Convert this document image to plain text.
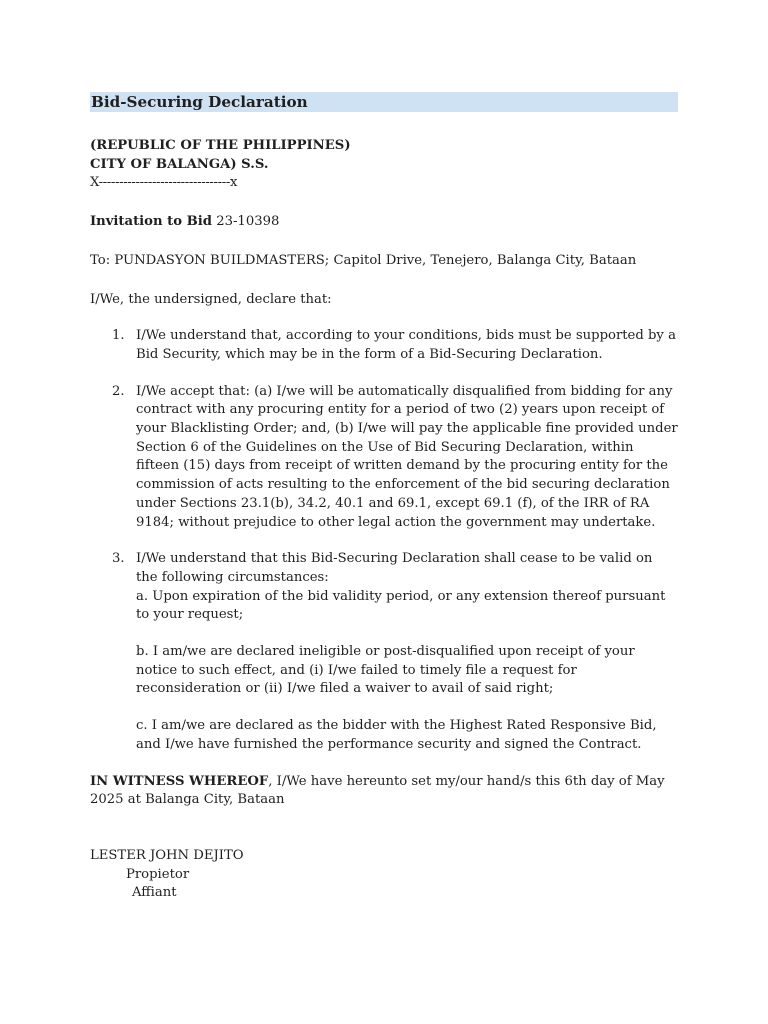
Bid-Securing Declaration
(REPUBLIC OF THE PHILIPPINES)
CITY OF BALANGA) S.S.
X--------------------------------x
Invitation to Bid 23-10398
To: PUNDASYON BUILDMASTERS; Capitol Drive, Tenejero, Balanga City, Bataan
I/We, the undersigned, declare that:
1. I/We understand that, according to your conditions, bids must be supported by a Bid Security, which may be in the form of a Bid-Securing Declaration.
2. I/We accept that: (a) I/we will be automatically disqualified from bidding for any contract with any procuring entity for a period of two (2) years upon receipt of your Blacklisting Order; and, (b) I/we will pay the applicable fine provided under Section 6 of the Guidelines on the Use of Bid Securing Declaration, within fifteen (15) days from receipt of written demand by the procuring entity for the commission of acts resulting to the enforcement of the bid securing declaration under Sections 23.1(b), 34.2, 40.1 and 69.1, except 69.1 (f), of the IRR of RA 9184; without prejudice to other legal action the government may undertake.
3. I/We understand that this Bid-Securing Declaration shall cease to be valid on the following circumstances:
a. Upon expiration of the bid validity period, or any extension thereof pursuant to your request;
b. I am/we are declared ineligible or post-disqualified upon receipt of your notice to such effect, and (i) I/we failed to timely file a request for reconsideration or (ii) I/we filed a waiver to avail of said right;
c. I am/we are declared as the bidder with the Highest Rated Responsive Bid, and I/we have furnished the performance security and signed the Contract.
IN WITNESS WHEREOF, I/We have hereunto set my/our hand/s this 6th day of May 2025 at Balanga City, Bataan
LESTER JOHN DEJITO
Propietor
Affiant
